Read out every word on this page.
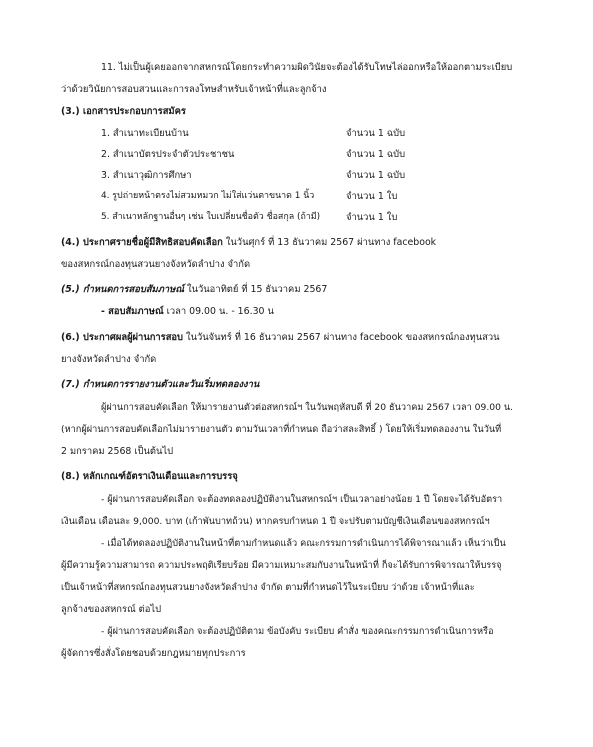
11. ไม่เป็นผู้เคยออกจากสหกรณ์โดยกระทำความผิดวินัยจะต้องได้รับโทษไล่ออกหรือให้ออกตามระเบียบ
ว่าด้วยวินัยการสอบสวนและการลงโทษสำหรับเจ้าหน้าที่และลูกจ้าง
(3.) เอกสารประกอบการสมัคร
1. สำเนาทะเบียนบ้าน	จำนวน 1 ฉบับ
2. สำเนาบัตรประจำตัวประชาชน	จำนวน 1 ฉบับ
3. สำเนาวุฒิการศึกษา	จำนวน 1 ฉบับ
4. รูปถ่ายหน้าตรงไม่สวมหมวก ไม่ใส่แว่นตาขนาด 1 นิ้ว	จำนวน 1 ใบ
5. สำเนาหลักฐานอื่นๆ เช่น ใบเปลี่ยนชื่อตัว ชื่อสกุล (ถ้ามี)	จำนวน 1 ใบ
(4.) ประกาศรายชื่อผู้มีสิทธิสอบคัดเลือก ในวันศุกร์ ที่ 13 ธันวาคม 2567 ผ่านทาง facebook
ของสหกรณ์กองทุนสวนยางจังหวัดลำปาง จำกัด
(5.) กำหนดการสอบสัมภาษณ์ ในวันอาทิตย์ ที่ 15 ธันวาคม 2567
- สอบสัมภาษณ์ เวลา 09.00 น. - 16.30 น
(6.) ประกาศผลผู้ผ่านการสอบ ในวันจันทร์ ที่ 16 ธันวาคม 2567 ผ่านทาง facebook ของสหกรณ์กองทุนสวน
ยางจังหวัดลำปาง จำกัด
(7.) กำหนดการรายงานตัวและวันเริ่มทดลองงาน
ผู้ผ่านการสอบคัดเลือก ให้มารายงานตัวต่อสหกรณ์ฯ ในวันพฤหัสบดี ที่ 20 ธันวาคม 2567 เวลา 09.00 น.
(หากผู้ผ่านการสอบคัดเลือกไม่มารายงานตัว ตามวันเวลาที่กำหนด ถือว่าสละสิทธิ์ ) โดยให้เริ่มทดลองงาน ในวันที่
2 มกราคม 2568 เป็นต้นไป
(8.) หลักเกณฑ์อัตราเงินเดือนและการบรรจุ
- ผู้ผ่านการสอบคัดเลือก จะต้องทดลองปฏิบัติงานในสหกรณ์ฯ เป็นเวลาอย่างน้อย 1 ปี โดยจะได้รับอัตรา
เงินเดือน เดือนละ 9,000. บาท (เก้าพันบาทถ้วน) หากครบกำหนด 1 ปี จะปรับตามบัญชีเงินเดือนของสหกรณ์ฯ
- เมื่อได้ทดลองปฏิบัติงานในหน้าที่ตามกำหนดแล้ว คณะกรรมการดำเนินการได้พิจารณาแล้ว เห็นว่าเป็น
ผู้มีความรู้ความสามารถ ความประพฤติเรียบร้อย มีความเหมาะสมกับงานในหน้าที่ ก็จะได้รับการพิจารณาให้บรรจุ
เป็นเจ้าหน้าที่สหกรณ์กองทุนสวนยางจังหวัดลำปาง จำกัด ตามที่กำหนดไว้ในระเบียบ ว่าด้วย เจ้าหน้าที่และ
ลูกจ้างของสหกรณ์ ต่อไป
- ผู้ผ่านการสอบคัดเลือก จะต้องปฏิบัติตาม ข้อบังคับ ระเบียบ คำสั่ง ของคณะกรรมการดำเนินการหรือ
ผู้จัดการซึ่งสั่งโดยชอบด้วยกฎหมายทุกประการ
